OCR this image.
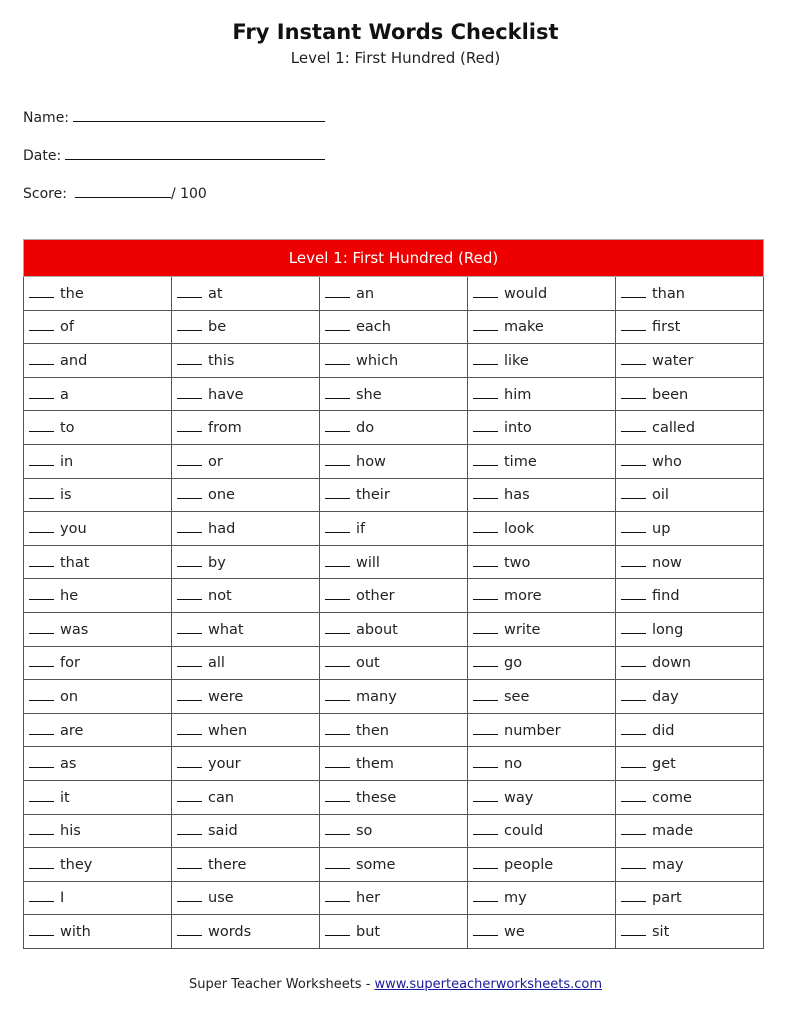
Fry Instant Words Checklist
Level 1: First Hundred (Red)
Name:
Date:
Score:	/ 100
Level 1: First Hundred (Red)				
the	at	an	would	than
of	be	each	make	first
and	this	which	like	water
a	have	she	him	been
to	from	do	into	called
in	or	how	time	who
is	one	their	has	oil
you	had	if	look	up
that	by	will	two	now
he	not	other	more	find
was	what	about	write	long
for	all	out	go	down
on	were	many	see	day
are	when	then	number	did
as	your	them	no	get
it	can	these	way	come
his	said	so	could	made
they	there	some	people	may
I	use	her	my	part
with	words	but	we	sit
Super Teacher Worksheets - www.superteacherworksheets.com
